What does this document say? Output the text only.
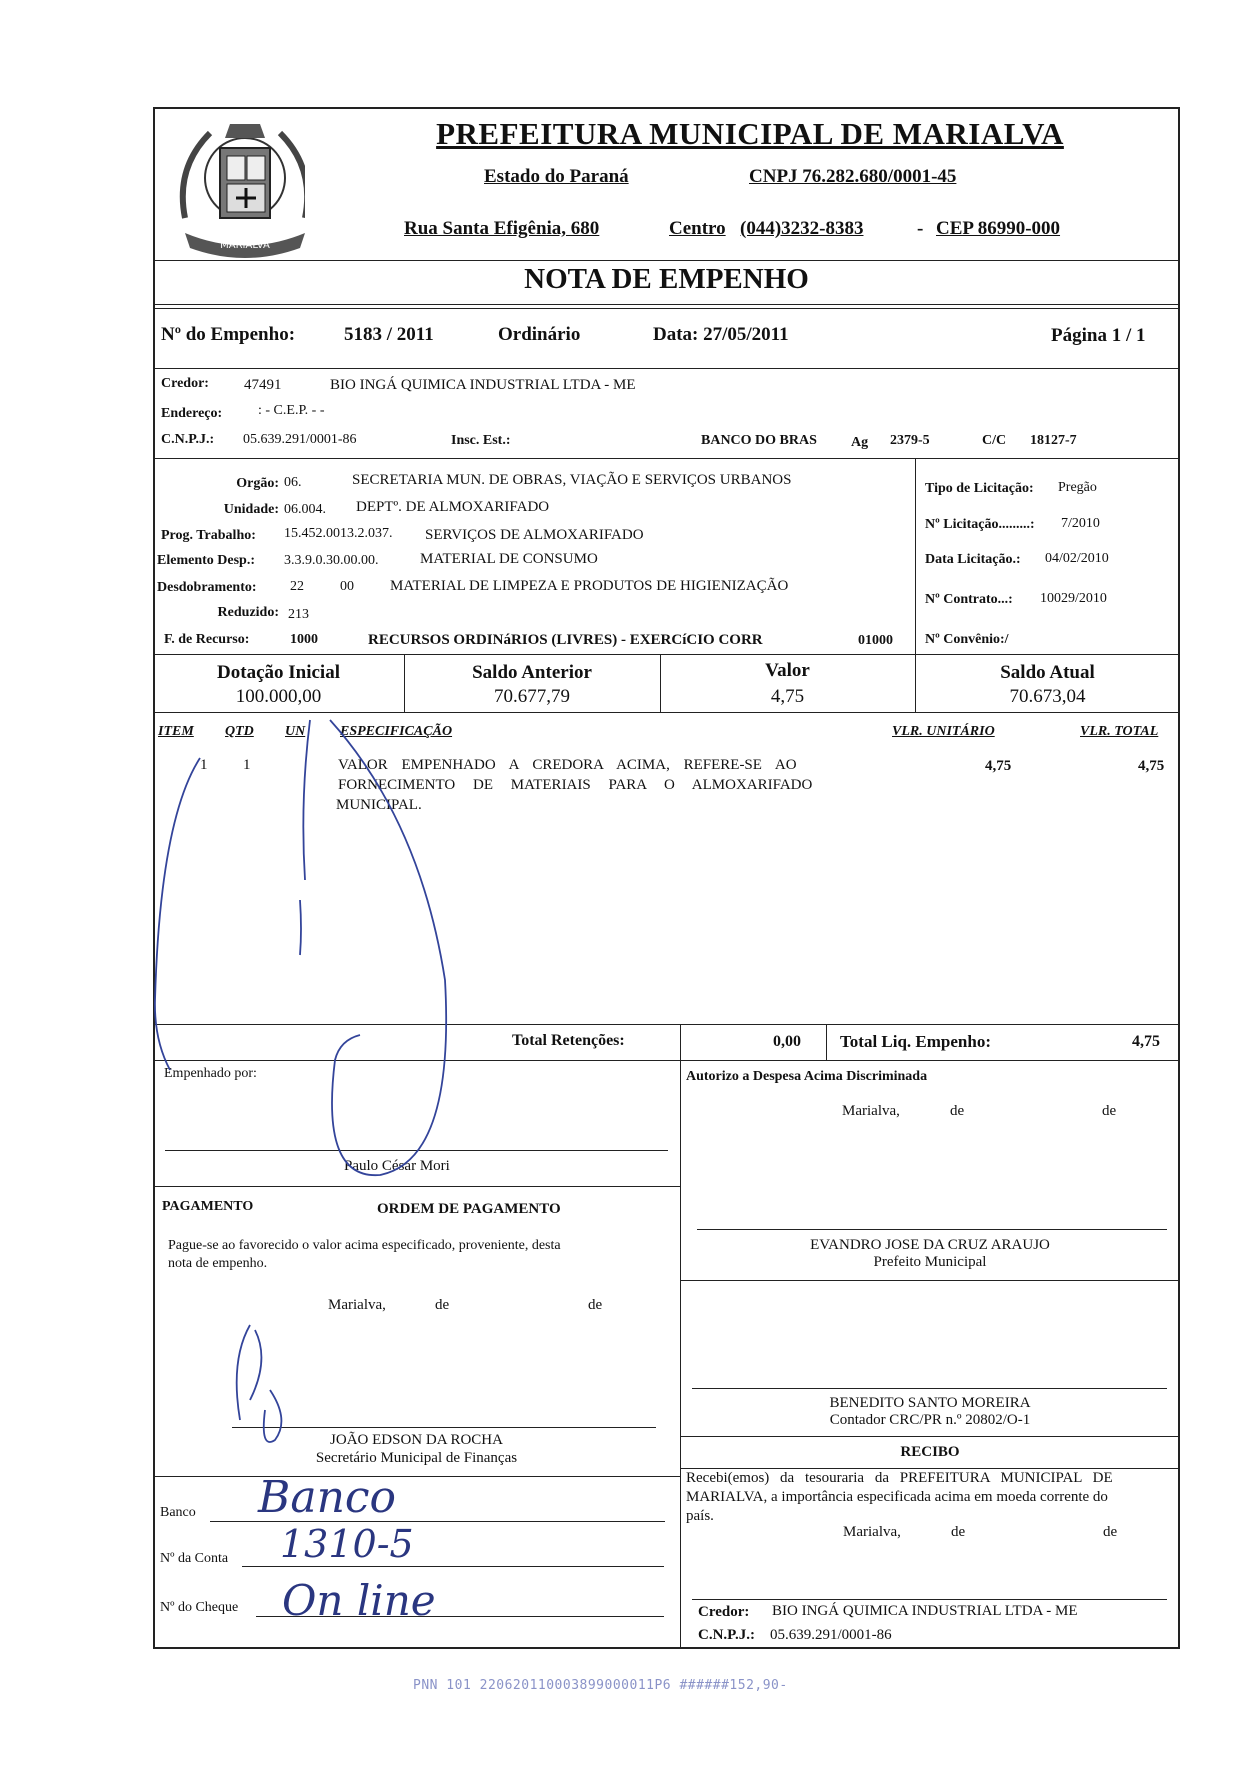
MARIALVA
PREFEITURA MUNICIPAL DE MARIALVA
Estado do Paraná	CNPJ 76.282.680/0001-45
Rua Santa Efigênia, 680	Centro (044)3232-8383	- CEP 86990-000
NOTA DE EMPENHO
Nº do Empenho:	5183 / 2011	Ordinário	Data: 27/05/2011	Página 1 / 1
Credor: 47491	BIO INGÁ QUIMICA INDUSTRIAL LTDA - ME
Endereço:	: - C.E.P. - -
C.N.P.J.: 05.639.291/0001-86	Insc. Est.:	BANCO DO BRAS Ag 2379-5	C/C 18127-7
Orgão: 06.	SECRETARIA MUN. DE OBRAS, VIAÇÃO E SERVIÇOS URBANOS
Unidade: 06.004. DEPTº. DE ALMOXARIFADO
Prog. Trabalho: 15.452.0013.2.037. SERVIÇOS DE ALMOXARIFADO
Elemento Desp.: 3.3.9.0.30.00.00.	MATERIAL DE CONSUMO
Desdobramento: 22	00 MATERIAL DE LIMPEZA E PRODUTOS DE HIGIENIZAÇÃO
Reduzido: 213
F. de Recurso:	1000	RECURSOS ORDINáRIOS (LIVRES) - EXERCíCIO CORR	01000
Tipo de Licitação: Pregão
Nº Licitação.........: 7/2010
Data Licitação.: 04/02/2010
Nº Contrato...: 10029/2010
Nº Convênio:/
Dotação Inicial
100.000,00
Saldo Anterior
70.677,79
Valor
4,75
Saldo Atual
70.673,04
ITEM QTD UN ESPECIFICAÇÃO	VLR. UNITÁRIO	VLR. TOTAL
1 1	VALOR EMPENHADO A CREDORA ACIMA, REFERE-SE AO
FORNECIMENTO DE MATERIAIS PARA O ALMOXARIFADO
MUNICIPAL.
4,75	4,75
Total Retenções:	0,00 Total Liq. Empenho:	4,75
Empenhado por:
Paulo César Mori
Autorizo a Despesa Acima Discriminada
Marialva,	de	de
EVANDRO JOSE DA CRUZ ARAUJO
Prefeito Municipal
PAGAMENTO	ORDEM DE PAGAMENTO
Pague-se ao favorecido o valor acima especificado, proveniente, desta
nota de empenho.
Marialva,	de	de
JOÃO EDSON DA ROCHA
Secretário Municipal de Finanças
Banco
Nº da Conta
Nº do Cheque
Banco
1310-5
On line
BENEDITO SANTO MOREIRA
Contador CRC/PR n.º 20802/O-1
RECIBO
Recebi(emos) da tesouraria da PREFEITURA MUNICIPAL DE
MARIALVA, a importância especificada acima em moeda corrente do
país.
Marialva,	de	de
Credor: BIO INGÁ QUIMICA INDUSTRIAL LTDA - ME
C.N.P.J.: 05.639.291/0001-86
PNN 101 220620110003899000011P6 ######152,90-
